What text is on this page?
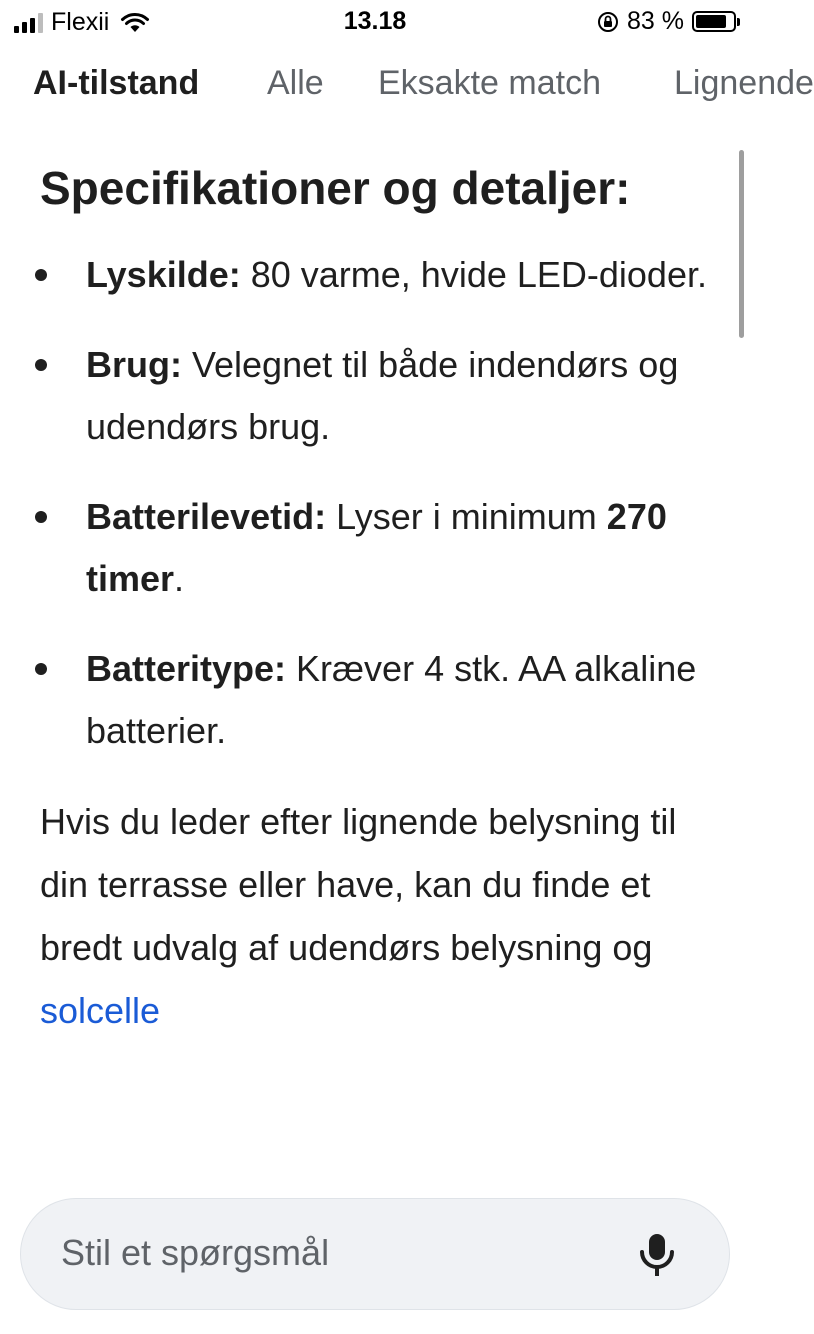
Flexii	13.18	83 %
AI-tilstand Alle Eksakte match Lignende
Specifikationer og detaljer:
Lyskilde: 80 varme, hvide LED-dioder.
Brug: Velegnet til både indendørs og udendørs brug.
Batterilevetid: Lyser i minimum 270 timer.
Batteritype: Kræver 4 stk. AA alkaline batterier.

Hvis du leder efter lignende belysning til din terrasse eller have, kan du finde et bredt udvalg af udendørs belysning og solcelle

Stil et spørgsmål
